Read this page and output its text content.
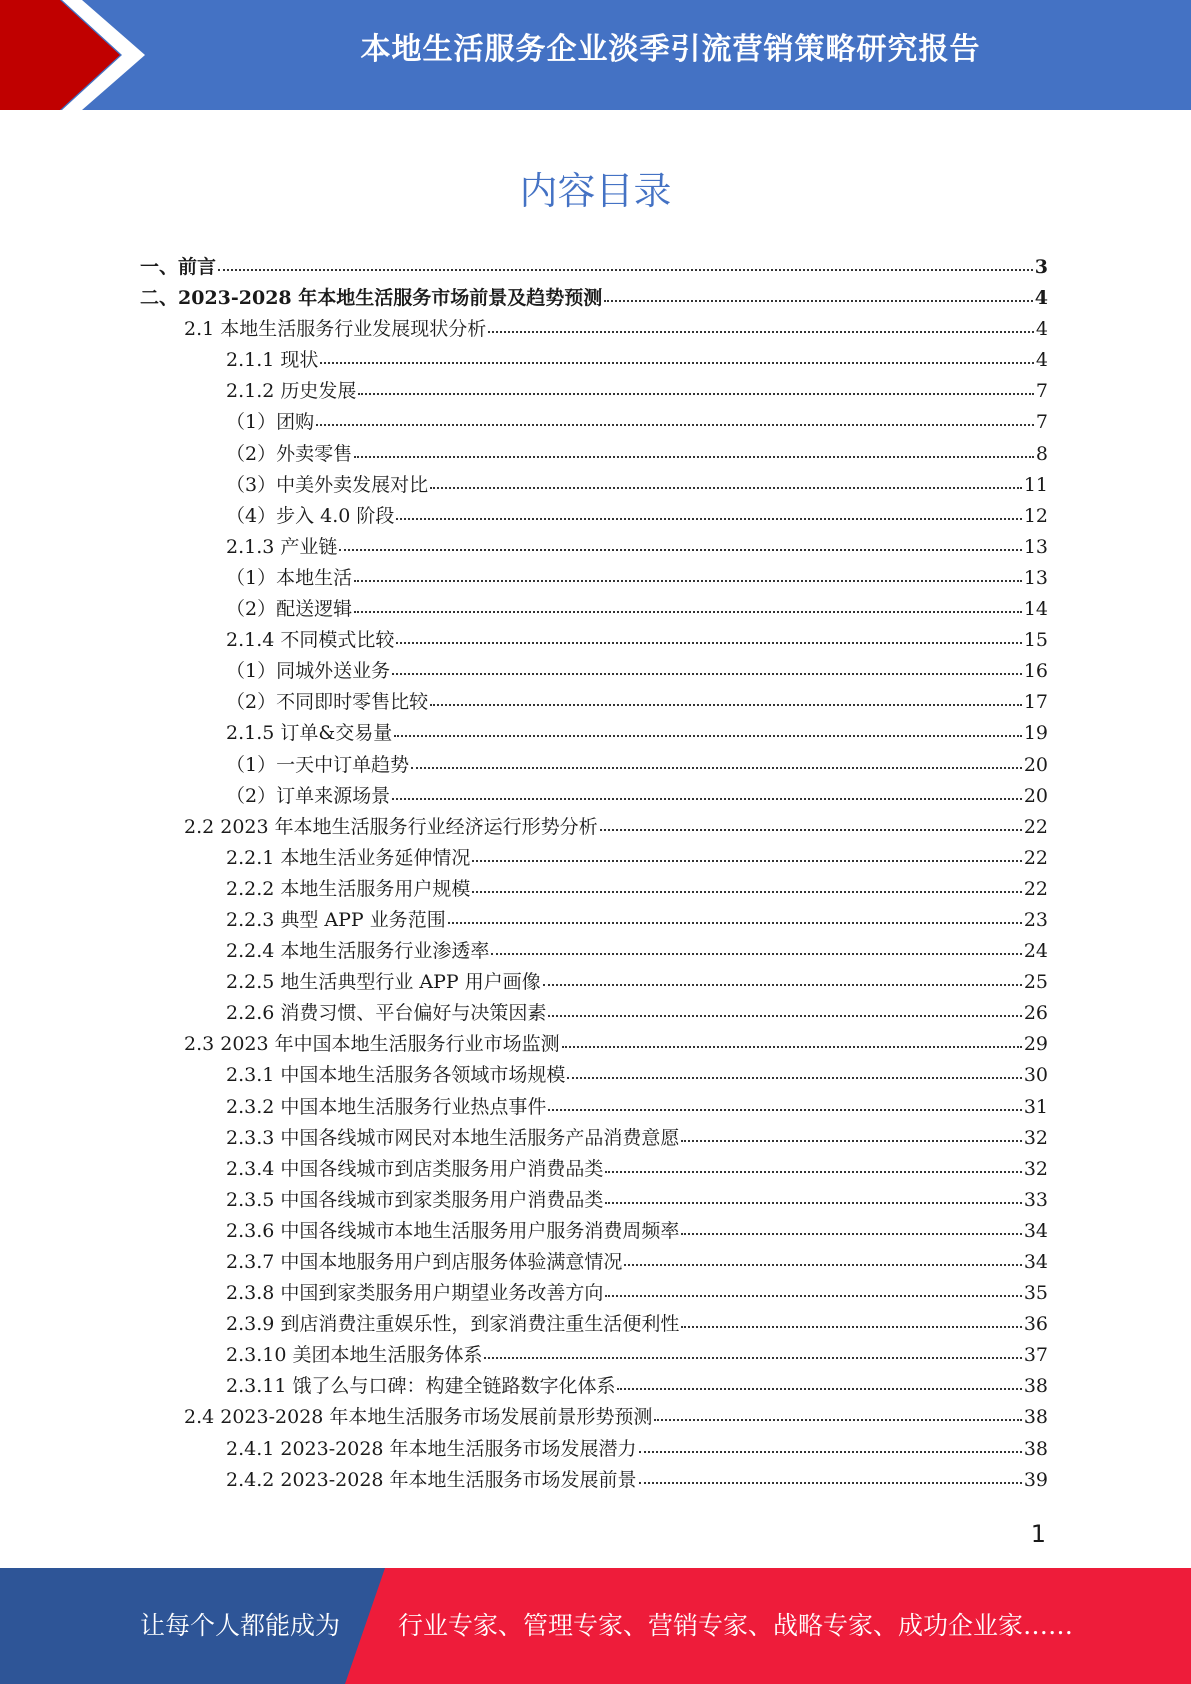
本地生活服务企业淡季引流营销策略研究报告
内容目录
一、前言	3
二、2023-2028 年本地生活服务市场前景及趋势预测	4
2.1 本地生活服务行业发展现状分析	4
2.1.1 现状	4
2.1.2 历史发展	7
（1）团购	7
（2）外卖零售	8
（3）中美外卖发展对比	11
（4）步入 4.0 阶段	12
2.1.3 产业链	13
（1）本地生活	13
（2）配送逻辑	14
2.1.4 不同模式比较	15
（1）同城外送业务	16
（2）不同即时零售比较	17
2.1.5 订单&交易量	19
（1）一天中订单趋势	20
（2）订单来源场景	20
2.2 2023 年本地生活服务行业经济运行形势分析	22
2.2.1 本地生活业务延伸情况	22
2.2.2 本地生活服务用户规模	22
2.2.3 典型 APP 业务范围	23
2.2.4 本地生活服务行业渗透率	24
2.2.5 地生活典型行业 APP 用户画像	25
2.2.6 消费习惯、平台偏好与决策因素	26
2.3 2023 年中国本地生活服务行业市场监测	29
2.3.1 中国本地生活服务各领域市场规模	30
2.3.2 中国本地生活服务行业热点事件	31
2.3.3 中国各线城市网民对本地生活服务产品消费意愿	32
2.3.4 中国各线城市到店类服务用户消费品类	32
2.3.5 中国各线城市到家类服务用户消费品类	33
2.3.6 中国各线城市本地生活服务用户服务消费周频率	34
2.3.7 中国本地服务用户到店服务体验满意情况	34
2.3.8 中国到家类服务用户期望业务改善方向	35
2.3.9 到店消费注重娱乐性，到家消费注重生活便利性	36
2.3.10 美团本地生活服务体系	37
2.3.11 饿了么与口碑：构建全链路数字化体系	38
2.4 2023-2028 年本地生活服务市场发展前景形势预测	38
2.4.1 2023-2028 年本地生活服务市场发展潜力	38
2.4.2 2023-2028 年本地生活服务市场发展前景	39
1
让每个人都能成为 行业专家、管理专家、营销专家、战略专家、成功企业家……
